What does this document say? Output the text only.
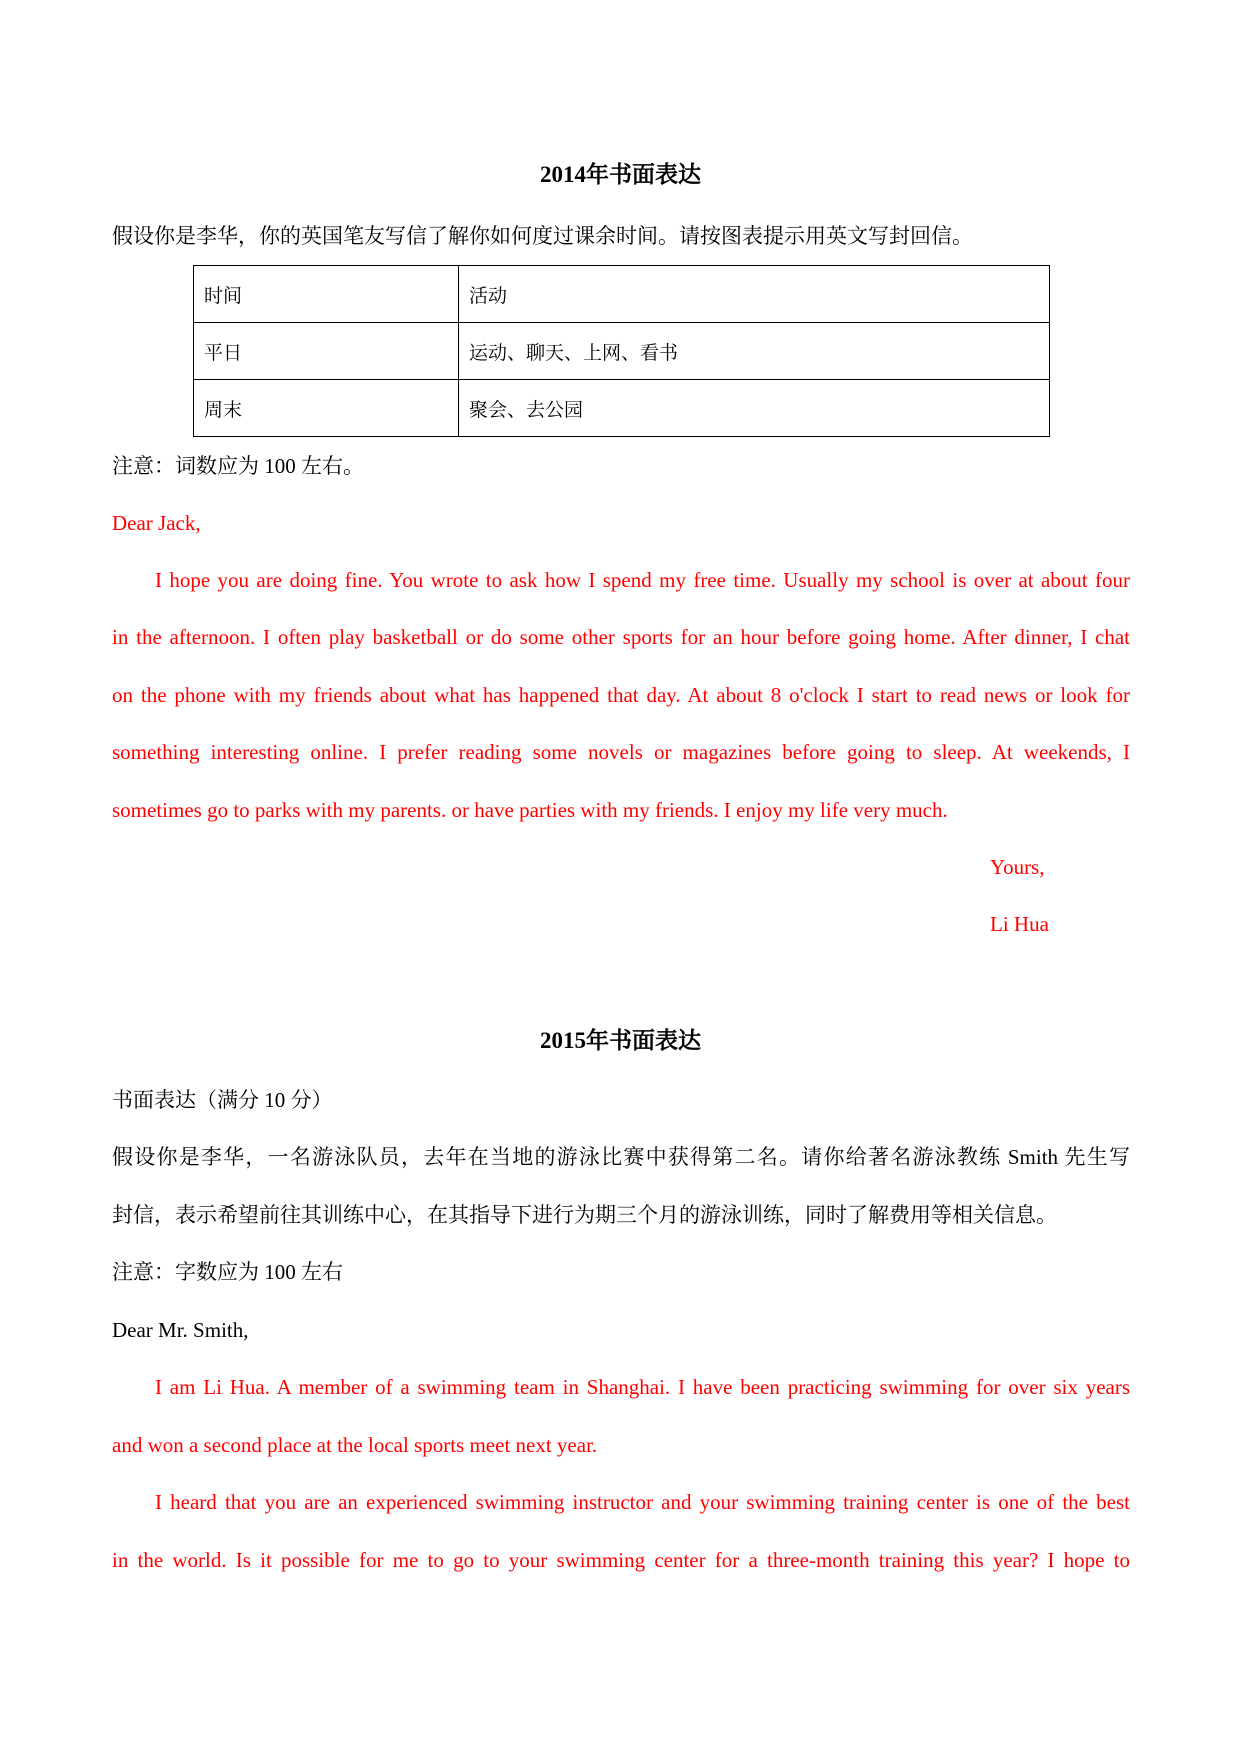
2014年书面表达
假设你是李华，你的英国笔友写信了解你如何度过课余时间。请按图表提示用英文写封回信。
时间	活动
平日	运动、聊天、上网、看书
周末	聚会、去公园
注意：词数应为 100 左右。
Dear Jack,
I hope you are doing fine. You wrote to ask how I spend my free time. Usually my school is over at about four
in the afternoon. I often play basketball or do some other sports for an hour before going home. After dinner, I chat
on the phone with my friends about what has happened that day. At about 8 o'clock I start to read news or look for
something interesting online. I prefer reading some novels or magazines before going to sleep. At weekends, I
sometimes go to parks with my parents. or have parties with my friends. I enjoy my life very much.
Yours,
Li Hua
2015年书面表达
书面表达（满分 10 分）
假设你是李华，一名游泳队员，去年在当地的游泳比赛中获得第二名。请你给著名游泳教练 Smith 先生写
封信，表示希望前往其训练中心，在其指导下进行为期三个月的游泳训练，同时了解费用等相关信息。
注意：字数应为 100 左右
Dear Mr. Smith,
I am Li Hua. A member of a swimming team in Shanghai. I have been practicing swimming for over six years
and won a second place at the local sports meet next year.
I heard that you are an experienced swimming instructor and your swimming training center is one of the best
in the world. Is it possible for me to go to your swimming center for a three-month training this year? I hope to
